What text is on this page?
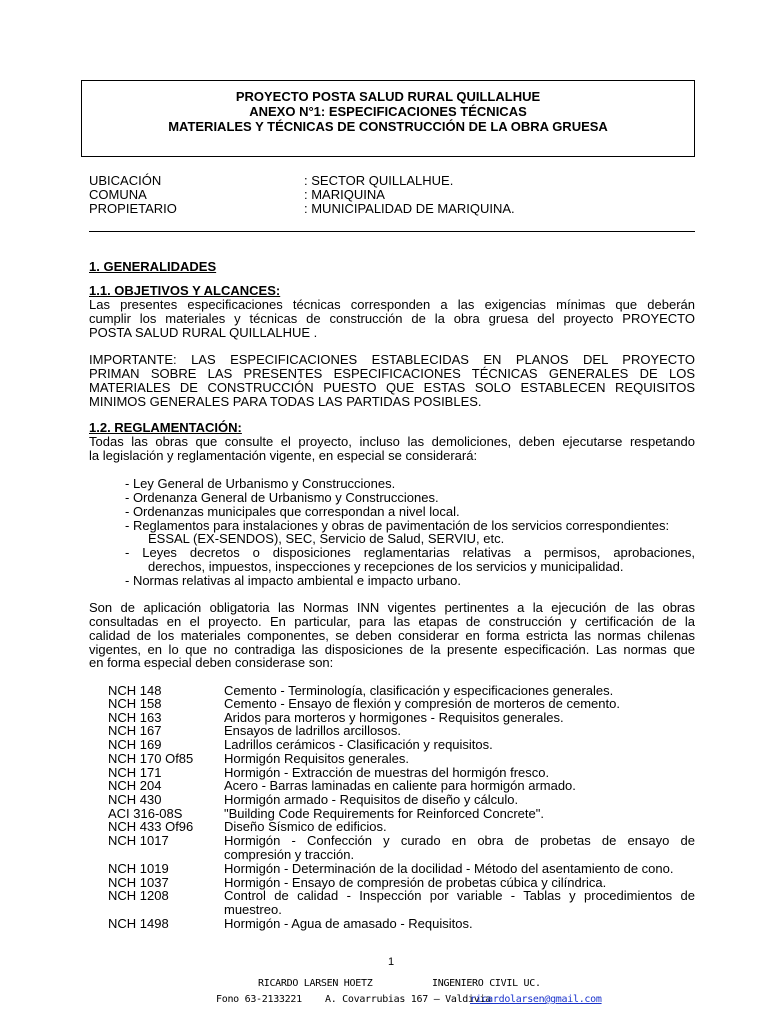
PROYECTO POSTA SALUD RURAL QUILLALHUE
ANEXO N°1: ESPECIFICACIONES TÉCNICAS
MATERIALES Y TÉCNICAS DE CONSTRUCCIÓN DE LA OBRA GRUESA
UBICACIÓN	: SECTOR QUILLALHUE.
COMUNA	: MARIQUINA
PROPIETARIO	: MUNICIPALIDAD DE MARIQUINA.
1. GENERALIDADES
1.1. OBJETIVOS Y ALCANCES:
Las presentes especificaciones técnicas corresponden a las exigencias mínimas que deberán
cumplir los materiales y técnicas de construcción de la obra gruesa del proyecto PROYECTO
POSTA SALUD RURAL QUILLALHUE .
IMPORTANTE: LAS ESPECIFICACIONES ESTABLECIDAS EN PLANOS DEL PROYECTO
PRIMAN SOBRE LAS PRESENTES ESPECIFICACIONES TÉCNICAS GENERALES DE LOS
MATERIALES DE CONSTRUCCIÓN PUESTO QUE ESTAS SOLO ESTABLECEN REQUISITOS
MINIMOS GENERALES PARA TODAS LAS PARTIDAS POSIBLES.
1.2. REGLAMENTACIÓN:
Todas las obras que consulte el proyecto, incluso las demoliciones, deben ejecutarse respetando
la legislación y reglamentación vigente, en especial se considerará:
- Ley General de Urbanismo y Construcciones.
- Ordenanza General de Urbanismo y Construcciones.
- Ordenanzas municipales que correspondan a nivel local.
- Reglamentos para instalaciones y obras de pavimentación de los servicios correspondientes:
ESSAL (EX-SENDOS), SEC, Servicio de Salud, SERVIU, etc.
- Leyes decretos o disposiciones reglamentarias relativas a permisos, aprobaciones,
derechos, impuestos, inspecciones y recepciones de los servicios y municipalidad.
- Normas relativas al impacto ambiental e impacto urbano.
Son de aplicación obligatoria las Normas INN vigentes pertinentes a la ejecución de las obras
consultadas en el proyecto. En particular, para las etapas de construcción y certificación de la
calidad de los materiales componentes, se deben considerar en forma estricta las normas chilenas
vigentes, en lo que no contradiga las disposiciones de la presente especificación. Las normas que
en forma especial deben considerase son:
NCH 148	Cemento - Terminología, clasificación y especificaciones generales.
NCH 158	Cemento - Ensayo de flexión y compresión de morteros de cemento.
NCH 163	Aridos para morteros y hormigones - Requisitos generales.
NCH 167	Ensayos de ladrillos arcillosos.
NCH 169	Ladrillos cerámicos - Clasificación y requisitos.
NCH 170 Of85 Hormigón Requisitos generales.
NCH 171	Hormigón - Extracción de muestras del hormigón fresco.
NCH 204	Acero - Barras laminadas en caliente para hormigón armado.
NCH 430	Hormigón armado - Requisitos de diseño y cálculo.
ACI 316-08S	"Building Code Requirements for Reinforced Concrete".
NCH 433 Of96 Diseño Sísmico de edificios.
NCH 1017	Hormigón - Confección y curado en obra de probetas de ensayo de
compresión y tracción.
NCH 1019	Hormigón - Determinación de la docilidad - Método del asentamiento de cono.
NCH 1037	Hormigón - Ensayo de compresión de probetas cúbica y cilíndrica.
NCH 1208	Control de calidad - Inspección por variable - Tablas y procedimientos de
muestreo.
NCH 1498	Hormigón - Agua de amasado - Requisitos.
1
RICARDO LARSEN HOETZ	INGENIERO CIVIL UC.
Fono 63-2133221 A. Covarrubias 167 – Valdivia
ricardolarsen@gmail.com
